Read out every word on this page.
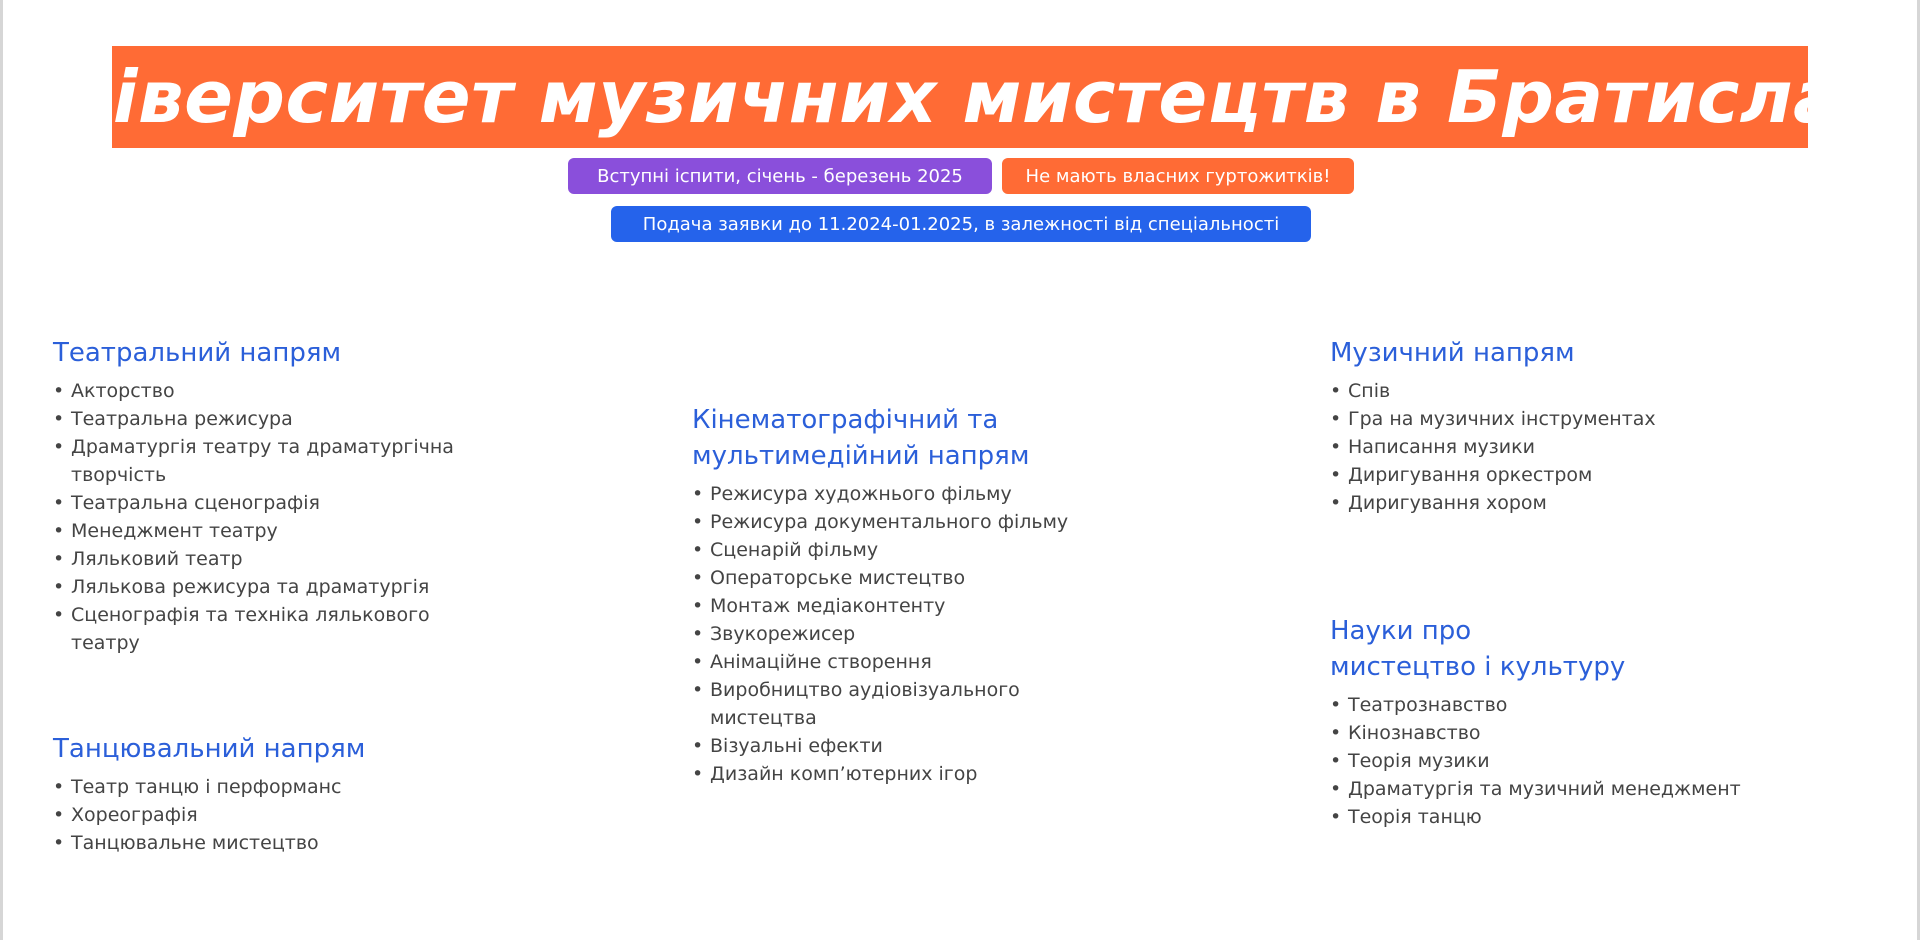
Університет музичних мистецтв в Братиславі
Вступні іспити, січень - березень 2025	Не мають власних гуртожитків!
Подача заявки до 11.2024-01.2025, в залежності від спеціальності
Театральний напрям
• Акторство
• Театральна режисура
• Драматургія театру та драматургічна творчість
• Театральна сценографія
• Менеджмент театру
• Ляльковий театр
• Лялькова режисура та драматургія
• Сценографія та техніка лялькового театру
Танцювальний напрям
• Театр танцю і перформанс
• Хореографія
• Танцювальне мистецтво
Кінематографічний та
мультимедійний напрям
• Режисура художнього фільму
• Режисура документального фільму
• Сценарій фільму
• Операторське мистецтво
• Монтаж медіаконтенту
• Звукорежисер
• Анімаційне створення
• Виробництво аудіовізуального мистецтва
• Візуальні ефекти
• Дизайн комп’ютерних ігор
Музичний напрям
• Спів
• Гра на музичних інструментах
• Написання музики
• Диригування оркестром
• Диригування хором
Науки про
мистецтво і культуру
• Театрознавство
• Кінознавство
• Теорія музики
• Драматургія та музичний менеджмент
• Теорія танцю
